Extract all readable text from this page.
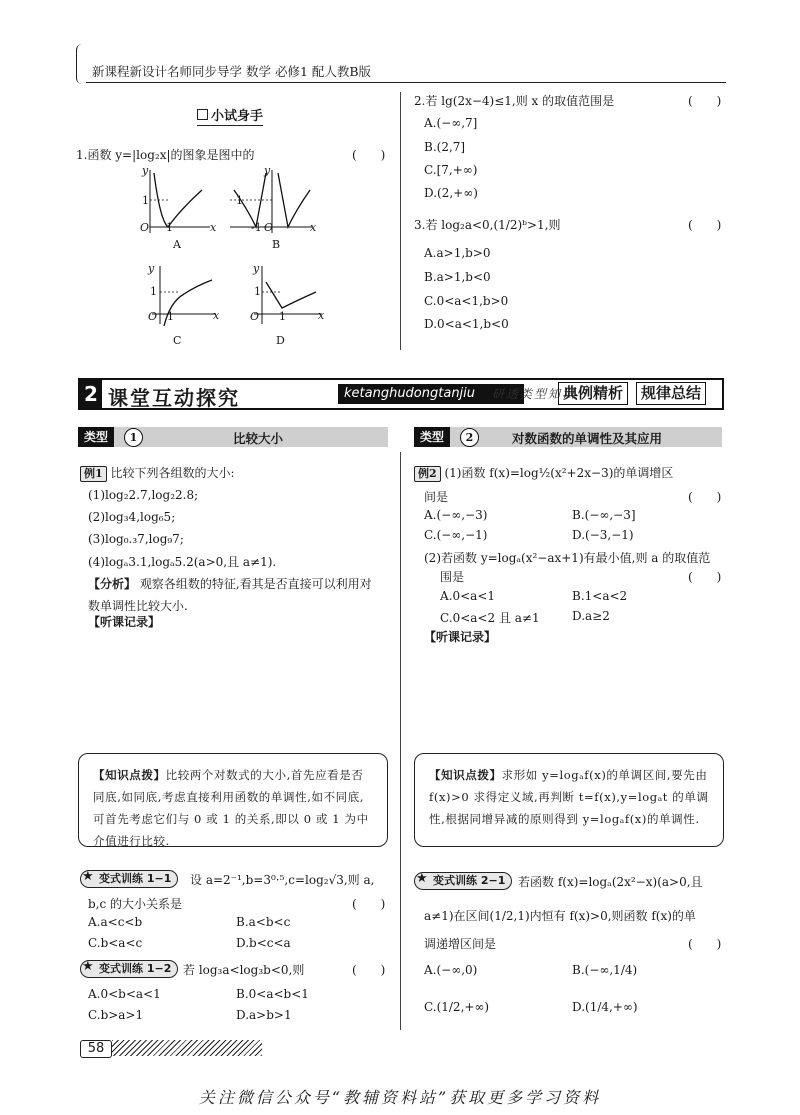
新课程新设计名师同步导学 数学 必修1 配人教B版
小试身手
1.函数 y=|log₂x|的图象是图中的	(　　)
y
x
O
1
1
A
y
x
1
-1 O
B
y
x
O
1
1
C
y
x
O
1
1
D
2.若 lg(2x−4)≤1,则 x 的取值范围是	(　　)
A.(−∞,7]
B.(2,7]
C.[7,+∞)
D.(2,+∞)
3.若 log₂a<0,(1/2)ᵇ>1,则	(　　)
A.a>1,b>0
B.a>1,b<0
C.0<a<1,b>0
D.0<a<1,b<0
2 课堂互动探究	ketanghudongtanjiu	研透类型知识
典例精析	规律总结
类型	1	比较大小	类型	2	对数函数的单调性及其应用
例1 比较下列各组数的大小:
(1)log₂2.7,log₂2.8;
(2)log₃4,log₆5;
(3)log₀.₃7,log₉7;
(4)logₐ3.1,logₐ5.2(a>0,且 a≠1).
【分析】 观察各组数的特征,看其是否直接可以利用对
数单调性比较大小.
【听课记录】
【知识点拨】比较两个对数式的大小,首先应看是否同底,如同底,考虑直接利用函数的单调性,如不同底,可首先考虑它们与 0 或 1 的关系,即以 0 或 1 为中介值进行比较.
★ 变式训练 1−1	设 a=2⁻¹,b=3⁰·⁵,c=log₂√3,则 a,
b,c 的大小关系是	(　　)
A.a<c<b	B.a<b<c
C.b<a<c	D.b<c<a
★ 变式训练 1−2 若 log₃a<log₃b<0,则	(　　)
A.0<b<a<1	B.0<a<b<1
C.b>a>1	D.a>b>1
例2 (1)函数 f(x)=log½(x²+2x−3)的单调增区
间是	(　　)
A.(−∞,−3)	B.(−∞,−3]
C.(−∞,−1)	D.(−3,−1)
(2)若函数 y=logₐ(x²−ax+1)有最小值,则 a 的取值范
围是	(　　)
A.0<a<1	B.1<a<2
C.0<a<2 且 a≠1	D.a≥2
【听课记录】
【知识点拨】求形如 y=logₐf(x)的单调区间,要先由 f(x)>0 求得定义域,再判断 t=f(x),y=logₐt 的单调性,根据同增异减的原则得到 y=logₐf(x)的单调性.
★ 变式训练 2−1	若函数 f(x)=logₐ(2x²−x)(a>0,且
a≠1)在区间(1/2,1)内恒有 f(x)>0,则函数 f(x)的单
调递增区间是	(　　)
A.(−∞,0)	B.(−∞,1/4)
C.(1/2,+∞)	D.(1/4,+∞)
58
关注微信公众号“教辅资料站”获取更多学习资料
